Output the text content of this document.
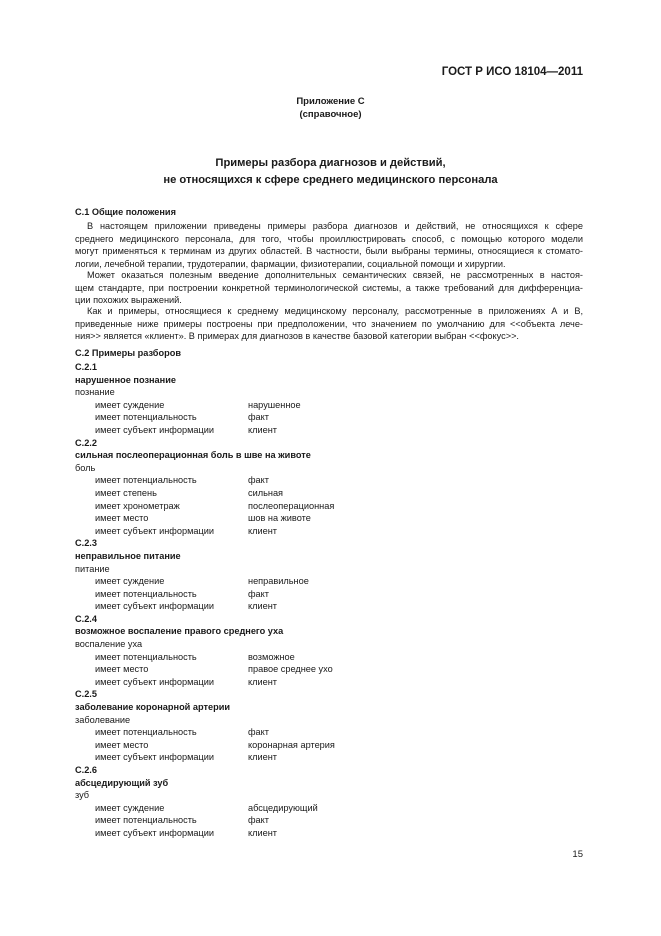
ГОСТ Р ИСО 18104—2011
Приложение С
(справочное)
Примеры разбора диагнозов и действий,
не относящихся к сфере среднего медицинского персонала
С.1 Общие положения
В настоящем приложении приведены примеры разбора диагнозов и действий, не относящихся к сфере
среднего медицинского персонала, для того, чтобы проиллюстрировать способ, с помощью которого модели
могут применяться к терминам из других областей. В частности, были выбраны термины, относящиеся к стомато-
логии, лечебной терапии, трудотерапии, фармации, физиотерапии, социальной помощи и хирургии.
Может оказаться полезным введение дополнительных семантических связей, не рассмотренных в настоя-
щем стандарте, при построении конкретной терминологической системы, а также требований для дифференциа-
ции похожих выражений.
Как и примеры, относящиеся к среднему медицинскому персоналу, рассмотренные в приложениях А и В,
приведенные ниже примеры построены при предположении, что значением по умолчанию для <<объекта лече-
ния>> является «клиент». В примерах для диагнозов в качестве базовой категории выбран <<фокус>>.
С.2 Примеры разборов
С.2.1
нарушенное познание
познание
имеет суждение	нарушенное
имеет потенциальность	факт
имеет субъект информации	клиент
С.2.2
сильная послеоперационная боль в шве на животе
боль
имеет потенциальность	факт
имеет степень	сильная
имеет хронометраж	послеоперационная
имеет место	шов на животе
имеет субъект информации	клиент
С.2.3
неправильное питание
питание
имеет суждение	неправильное
имеет потенциальность	факт
имеет субъект информации	клиент
С.2.4
возможное воспаление правого среднего уха
воспаление уха
имеет потенциальность	возможное
имеет место	правое среднее ухо
имеет субъект информации	клиент
С.2.5
заболевание коронарной артерии
заболевание
имеет потенциальность	факт
имеет место	коронарная артерия
имеет субъект информации	клиент
С.2.6
абсцедирующий зуб
зуб
имеет суждение	абсцедирующий
имеет потенциальность	факт
имеет субъект информации	клиент
15
